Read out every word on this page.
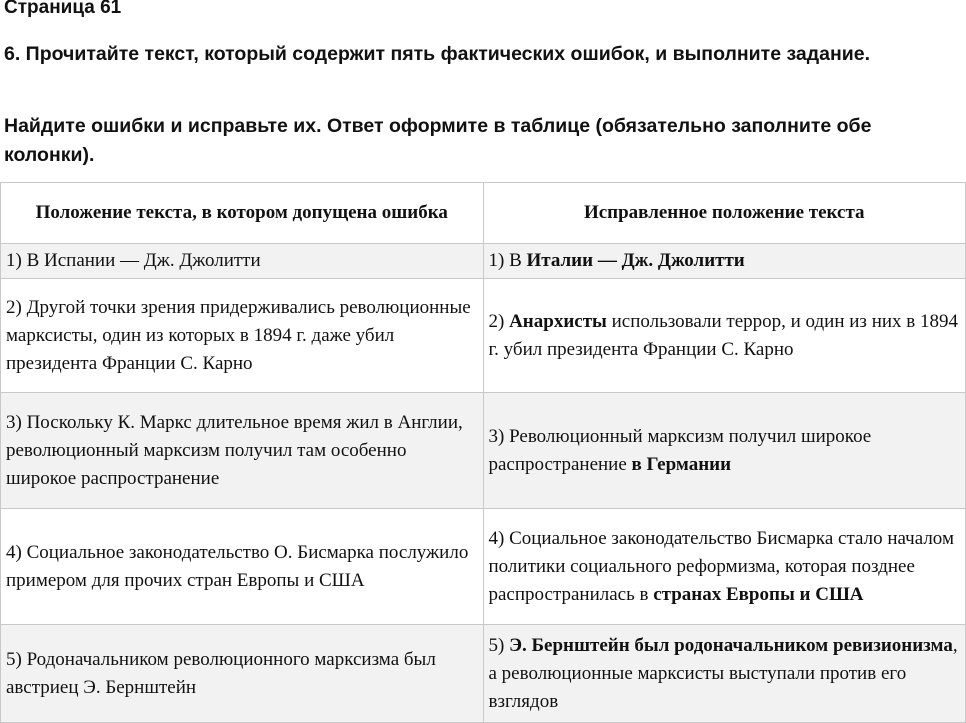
Страница 61

6. Прочитайте текст, который содержит пять фактических ошибок, и выполните задание.

Найдите ошибки и исправьте их. Ответ оформите в таблице (обязательно заполните обе колонки).

Положение текста, в котором допущена ошибка	Исправленное положение текста
1) В Испании — Дж. Джолитти	1) В Италии — Дж. Джолитти
2) Другой точки зрения придерживались революционные марксисты, один из которых в 1894 г. даже убил президента Франции С. Карно	2) Анархисты использовали террор, и один из них в 1894 г. убил президента Франции С. Карно
3) Поскольку К. Маркс длительное время жил в Англии, революционный марксизм получил там особенно широкое распространение	3) Революционный марксизм получил широкое распространение в Германии
4) Социальное законодательство О. Бисмарка послужило примером для прочих стран Европы и США	4) Социальное законодательство Бисмарка стало началом политики социального реформизма, которая позднее распространилась в странах Европы и США
5) Родоначальником революционного марксизма был австриец Э. Бернштейн	5) Э. Бернштейн был родоначальником ревизионизма, а революционные марксисты выступали против его взглядов
